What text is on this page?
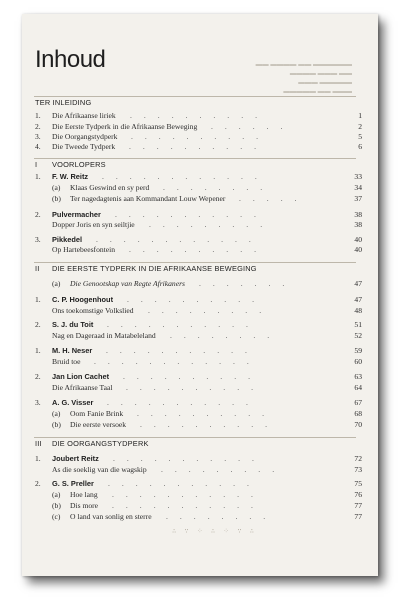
Inhoud	▬▬ ▬▬▬▬ ▬▬ ▬▬▬▬▬▬
▬▬▬▬ ▬▬▬ ▬▬
▬▬▬ ▬▬▬▬▬
▬▬▬▬▬ ▬▬ ▬▬▬
TER INLEIDING
1. Die Afrikaanse liriek	1
..........
2. Die Eerste Tydperk in die Afrikaanse Beweging	2
......
3. Die Oorgangstydperk	5
..........
4. Die Tweede Tydperk	6
..........
I VOORLOPERS
1. F. W. Reitz	33
............
(a) Klaas Geswind en sy perd	34
........
(b) Ter nagedagtenis aan Kommandant Louw Wepener	37
.....
2. Pulvermacher	38
...........
Dopper Joris en syn seiltjie	38
.........
3. Pikkedel	40
............
Op Hartebeesfontein	40
..........
II DIE EERSTE TYDPERK IN DIE AFRIKAANSE BEWEGING
(a) Die Genootskap van Regte Afrikaners	47
.......
1. C. P. Hoogenhout	47
..........
Ons toekomstige Volkslied	48
.........
2. S. J. du Toit	51
...........
Nag en Dageraad in Matabeleland	52
........
1. M. H. Neser	59
...........
Bruid toe	60
............
2. Jan Lion Cachet	63
..........
Die Afrikaanse Taal	64
..........
3. A. G. Visser	67
...........
(a) Oom Fanie Brink	68
..........
(b) Die eerste versoek	70
..........
III DIE OORGANGSTYDPERK
1. Joubert Reitz	72
...........
As die soeklig van die wagskip	73
.........
2. G. S. Preller	75
...........
(a) Hoe lang	76
...........
(b) Dis more	77
...........
(c) O land van sonlig en sterre	77
........
∴ ∵ ⁘ ∴ ⁘ ∵ ∴
